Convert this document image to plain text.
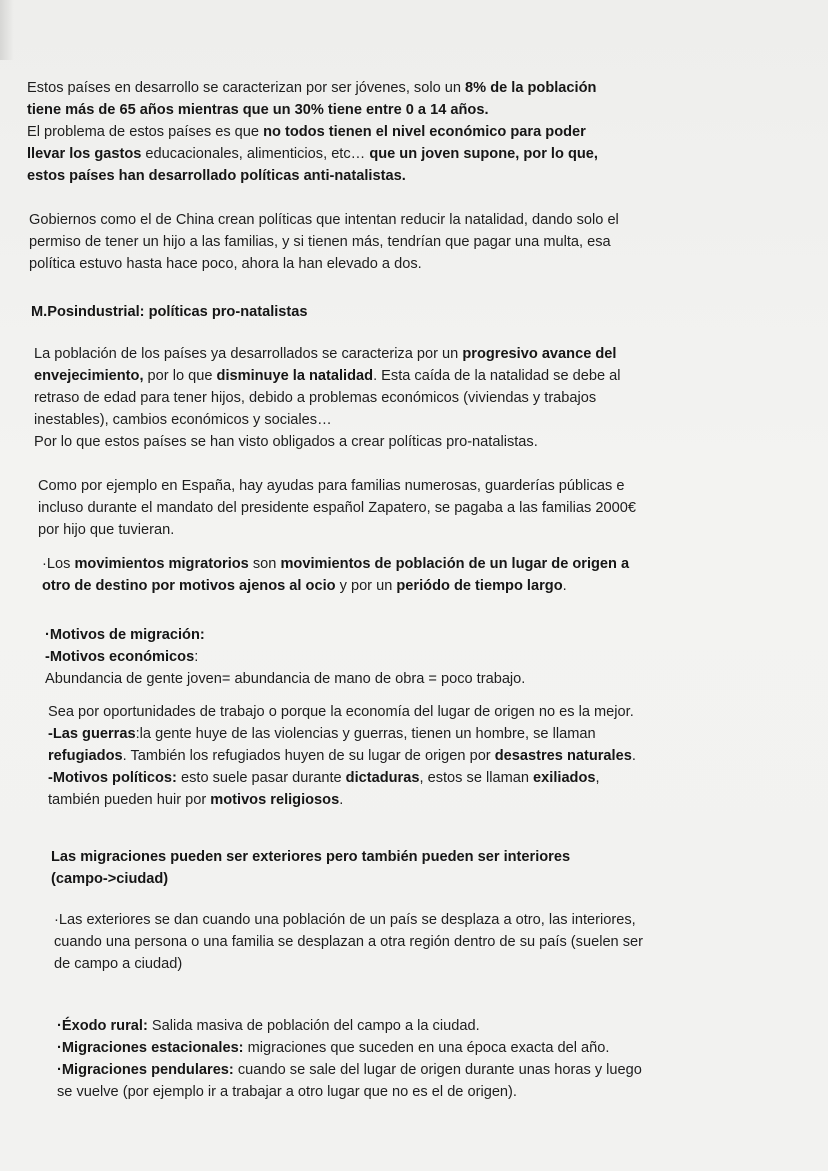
Estos países en desarrollo se caracterizan por ser jóvenes, solo un 8% de la población
tiene más de 65 años mientras que un 30% tiene entre 0 a 14 años.
El problema de estos países es que no todos tienen el nivel económico para poder
llevar los gastos educacionales, alimenticios, etc… que un joven supone, por lo que,
estos países han desarrollado políticas anti-natalistas.
Gobiernos como el de China crean políticas que intentan reducir la natalidad, dando solo el
permiso de tener un hijo a las familias, y si tienen más, tendrían que pagar una multa, esa
política estuvo hasta hace poco, ahora la han elevado a dos.
M.Posindustrial: políticas pro-natalistas
La población de los países ya desarrollados se caracteriza por un progresivo avance del
envejecimiento, por lo que disminuye la natalidad. Esta caída de la natalidad se debe al
retraso de edad para tener hijos, debido a problemas económicos (viviendas y trabajos
inestables), cambios económicos y sociales…
Por lo que estos países se han visto obligados a crear políticas pro-natalistas.
Como por ejemplo en España, hay ayudas para familias numerosas, guarderías públicas e
incluso durante el mandato del presidente español Zapatero, se pagaba a las familias 2000€
por hijo que tuvieran.
·Los movimientos migratorios son movimientos de población de un lugar de origen a
otro de destino por motivos ajenos al ocio y por un periódo de tiempo largo.
·Motivos de migración:
-Motivos económicos:
Abundancia de gente joven= abundancia de mano de obra = poco trabajo.
Sea por oportunidades de trabajo o porque la economía del lugar de origen no es la mejor.
-Las guerras:la gente huye de las violencias y guerras, tienen un hombre, se llaman
refugiados. También los refugiados huyen de su lugar de origen por desastres naturales.
-Motivos políticos: esto suele pasar durante dictaduras, estos se llaman exiliados,
también pueden huir por motivos religiosos.
Las migraciones pueden ser exteriores pero también pueden ser interiores
(campo->ciudad)
·Las exteriores se dan cuando una población de un país se desplaza a otro, las interiores,
cuando una persona o una familia se desplazan a otra región dentro de su país (suelen ser
de campo a ciudad)
·Éxodo rural: Salida masiva de población del campo a la ciudad.
·Migraciones estacionales: migraciones que suceden en una época exacta del año.
·Migraciones pendulares: cuando se sale del lugar de origen durante unas horas y luego
se vuelve (por ejemplo ir a trabajar a otro lugar que no es el de origen).
